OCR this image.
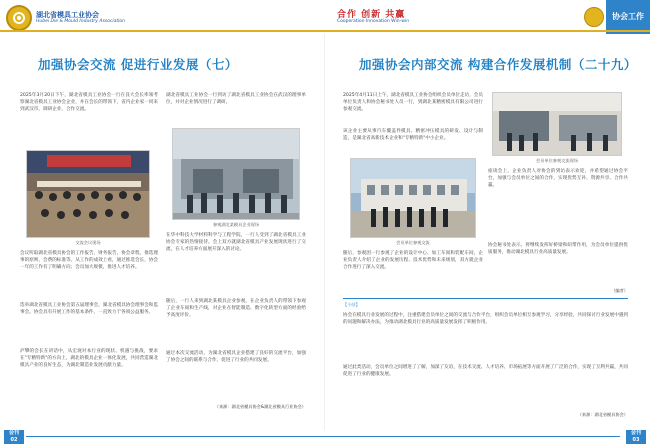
湖北省模具工业协会
Hubei Die & Mould Industry Association
合作 创新 共赢
Cooperation Innovation Win-win
协会工作
加强协会交流 促进行业发展（七）
2025年3月20日下午，湖北省模具工业协会一行在良大会长率领考察湖北省模具工业协会企业，并在会长的带领下，省内企业家一同来到武汉市，调研企业、合作交流。
交流会议现场
会议听取湖北省模具协会的工作报告，财务报告，协会章程，推选理事的原则、会费的标准等。从工作的成效上看，通过推选会长，协会一年的工作有了明确方向；会员加大规模，推进人才培养。
选举湖北省模具工业协会第五届理事会，湖北省模具协会理事会和监事会。协会具有开展工作的基本条件，一直致力于各项公益服务。
泸攀的会长在讲话中，从宏观对本行业的现状、机遇与挑战，要求在"专精特新"的方向上，湖北的模具企业一体化发展，共同营造湖北模具产业的良好生态，为湖北制造业发展贡献力量。
湖北省模具工业协会一行到访了湖北省模具工业协会在武汉的理事单位，并对企业情况进行了调研。
参观湖北某模具企业现场
在华中科技大学材料科学与工程学院，一行人受到了湖北省模具工业协会专家的热情接待。会上双方就湖北省模具产业发展现状进行了交流，在人才培养方面展开深入的讨论。
随后，一行人来到湖北某模具企业参观，在企业负责人的带领下参观了企业车间和生产线，对企业在智能制造、数字化转型方面的经验给予高度评价。
通过本次交流活动，为湖北省模具企业搭建了良好的交流平台，加强了协会之间的联系与合作，促进了行业的共同发展。
（来源：湖北省模具协会&湖北省模具行业协会）
加强协会内部交流 构建合作发展机制（二十九）
2025年4月11日上午，湖北省模具工业协会组织会员单位走访，会员单位负责人和协会秘书处人员一行，到湖北某精密模具有限公司进行参观交流。
该企业主要从事汽车覆盖件模具、精密冲压模具的研发、设计与制造，是湖北省高新技术企业和"专精特新"中小企业。
会员单位参观交流
随后，参观团一行参观了企业的设计中心、加工车间和装配车间，企业负责人介绍了企业的发展历程、技术优势和未来规划，双方就企业合作进行了深入交流。
会员单位参观交流现场
座谈会上，企业负责人对协会的到访表示欢迎，并希望通过协会平台，加强与会员单位之间的合作，实现优势互补、资源共享、合作共赢。
协会秘书处表示，将继续发挥好桥梁和纽带作用，为会员单位提供优质服务，推动湖北模具行业高质量发展。
（编者）
【小结】
协会在模具行业发展的过程中，注重搭建会员单位之间的交流与合作平台，组织会员单位相互参观学习，分享经验，共同探讨行业发展中遇到的问题和解决办法，为推动湖北模具行业的高质量发展发挥了积极作用。
通过此类活动，会员单位之间增进了了解，加深了友谊，在技术交流、人才培养、市场拓展等方面开展了广泛的合作，实现了互利共赢，共同促进了行业的健康发展。
（来源：湖北省模具协会）
会刊
02
会刊
03
